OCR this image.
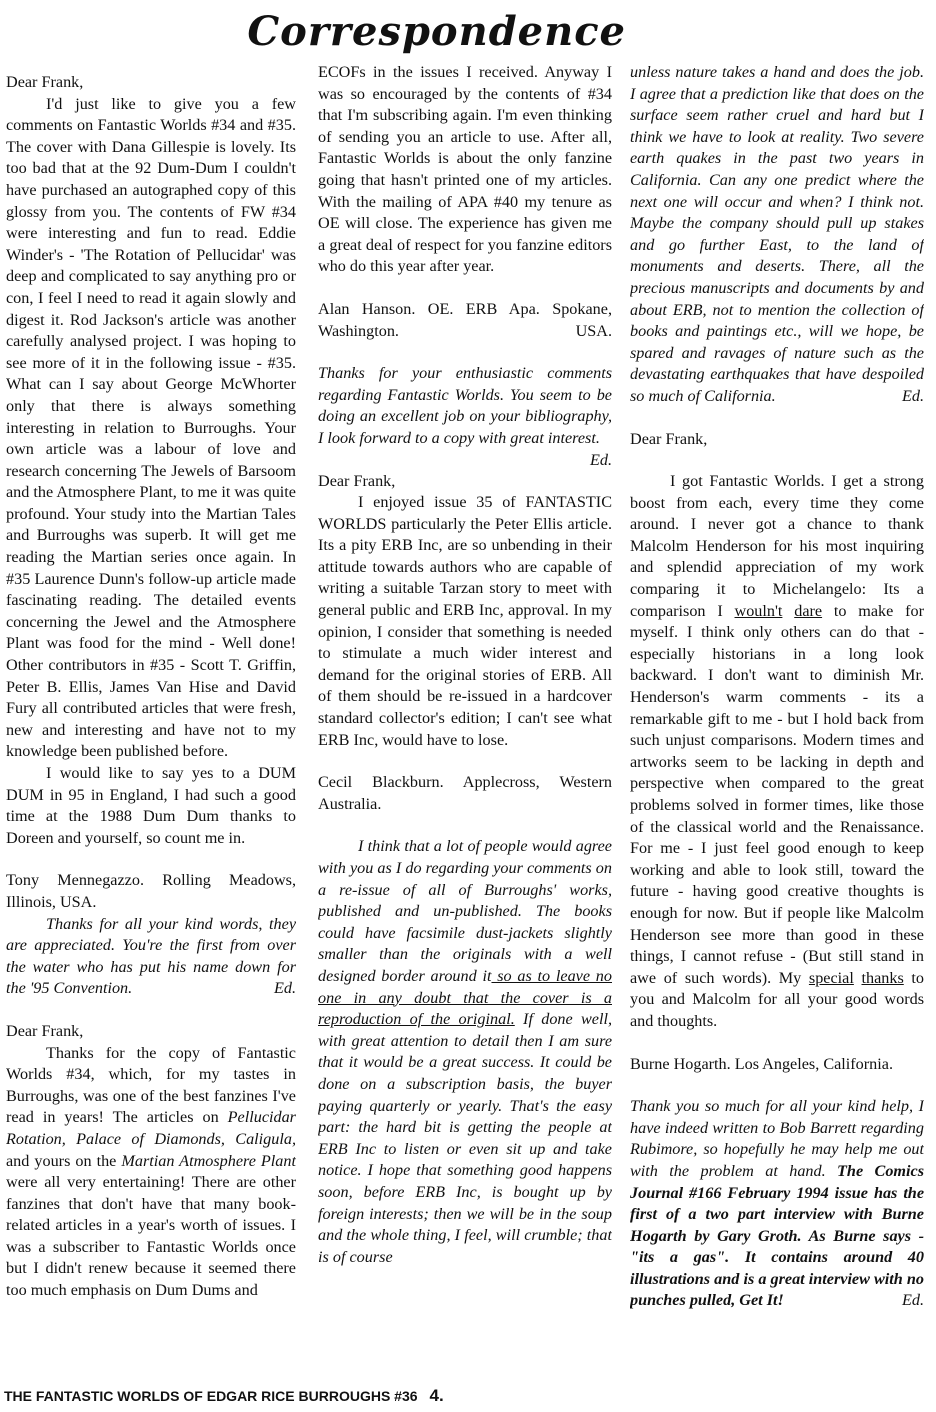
Correspondence

Dear Frank,

I'd just like to give you a few comments on Fantastic Worlds #34 and #35. The cover with Dana Gillespie is lovely. Its too bad that at the 92 Dum-Dum I couldn't have purchased an autographed copy of this glossy from you. The contents of FW #34 were interesting and fun to read. Eddie Winder's - 'The Rotation of Pellucidar' was deep and complicated to say anything pro or con, I feel I need to read it again slowly and digest it. Rod Jackson's article was another carefully analysed project. I was hoping to see more of it in the following issue - #35. What can I say about George McWhorter only that there is always something interesting in relation to Burroughs. Your own article was a labour of love and research concerning The Jewels of Barsoom and the Atmosphere Plant, to me it was quite profound. Your study into the Martian Tales and Burroughs was superb. It will get me reading the Martian series once again. In #35 Laurence Dunn's follow-up article made fascinating reading. The detailed events concerning the Jewel and the Atmosphere Plant was food for the mind - Well done! Other contributors in #35 - Scott T. Griffin, Peter B. Ellis, James Van Hise and David Fury all contributed articles that were fresh, new and interesting and have not to my knowledge been published before.

I would like to say yes to a DUM DUM in 95 in England, I had such a good time at the 1988 Dum Dum thanks to Doreen and yourself, so count me in.

Tony Mennegazzo. Rolling Meadows, Illinois, USA.

Thanks for all your kind words, they are appreciated. You're the first from over the water who has put his name down for the '95 Convention.	Ed.

Dear Frank,

Thanks for the copy of Fantastic Worlds #34, which, for my tastes in Burroughs, was one of the best fanzines I've read in years! The articles on Pellucidar Rotation, Palace of Diamonds, Caligula, and yours on the Martian Atmosphere Plant were all very entertaining! There are other fanzines that don't have that many book-related articles in a year's worth of issues. I was a subscriber to Fantastic Worlds once but I didn't renew because it seemed there too much emphasis on Dum Dums and

ECOFs in the issues I received. Anyway I was so encouraged by the contents of #34 that I'm subscribing again. I'm even thinking of sending you an article to use. After all, Fantastic Worlds is about the only fanzine going that hasn't printed one of my articles. With the mailing of APA #40 my tenure as OE will close. The experience has given me a great deal of respect for you fanzine editors who do this year after year.

Alan Hanson. OE. ERB Apa. Spokane, Washington.	USA.

Thanks for your enthusiastic comments regarding Fantastic Worlds. You seem to be doing an excellent job on your bibliography, I look forward to a copy with great interest.
Ed.

Dear Frank,

I enjoyed issue 35 of FANTASTIC WORLDS particularly the Peter Ellis article. Its a pity ERB Inc, are so unbending in their attitude towards authors who are capable of writing a suitable Tarzan story to meet with general public and ERB Inc, approval. In my opinion, I consider that something is needed to stimulate a much wider interest and demand for the original stories of ERB. All of them should be re-issued in a hardcover standard collector's edition; I can't see what ERB Inc, would have to lose.

Cecil Blackburn. Applecross, Western Australia.

I think that a lot of people would agree with you as I do regarding your comments on a re-issue of all of Burroughs' works, published and un-published. The books could have facsimile dust-jackets slightly smaller than the originals with a well designed border around it so as to leave no one in any doubt that the cover is a reproduction of the original. If done well, with great attention to detail then I am sure that it would be a great success. It could be done on a subscription basis, the buyer paying quarterly or yearly. That's the easy part: the hard bit is getting the people at ERB Inc to listen or even sit up and take notice. I hope that something good happens soon, before ERB Inc, is bought up by foreign interests; then we will be in the soup and the whole thing, I feel, will crumble; that is of course

unless nature takes a hand and does the job. I agree that a prediction like that does on the surface seem rather cruel and hard but I think we have to look at reality. Two severe earth quakes in the past two years in California. Can any one predict where the next one will occur and when? I think not. Maybe the company should pull up stakes and go further East, to the land of monuments and deserts. There, all the precious manuscripts and documents by and about ERB, not to mention the collection of books and paintings etc., will we hope, be spared and ravages of nature such as the devastating earthquakes that have despoiled so much of California.	Ed.

Dear Frank,

I got Fantastic Worlds. I get a strong boost from each, every time they come around. I never got a chance to thank Malcolm Henderson for his most inquiring and splendid appreciation of my work comparing it to Michelangelo: Its a comparison I wouln't dare to make for myself. I think only others can do that - especially historians in a long look backward. I don't want to diminish Mr. Henderson's warm comments - its a remarkable gift to me - but I hold back from such unjust comparisons. Modern times and artworks seem to be lacking in depth and perspective when compared to the great problems solved in former times, like those of the classical world and the Renaissance. For me - I just feel good enough to keep working and able to look still, toward the future - having good creative thoughts is enough for now. But if people like Malcolm Henderson see more than good in these things, I cannot refuse - (But still stand in awe of such words). My special thanks to you and Malcolm for all your good words and thoughts.

Burne Hogarth. Los Angeles, California.

Thank you so much for all your kind help, I have indeed written to Bob Barrett regarding Rubimore, so hopefully he may help me out with the problem at hand. The Comics Journal #166 February 1994 issue has the first of a two part interview with Burne Hogarth by Gary Groth. As Burne says - "its a gas". It contains around 40 illustrations and is a great interview with no punches pulled, Get It!	Ed.

THE FANTASTIC WORLDS OF EDGAR RICE BURROUGHS #36 4.
